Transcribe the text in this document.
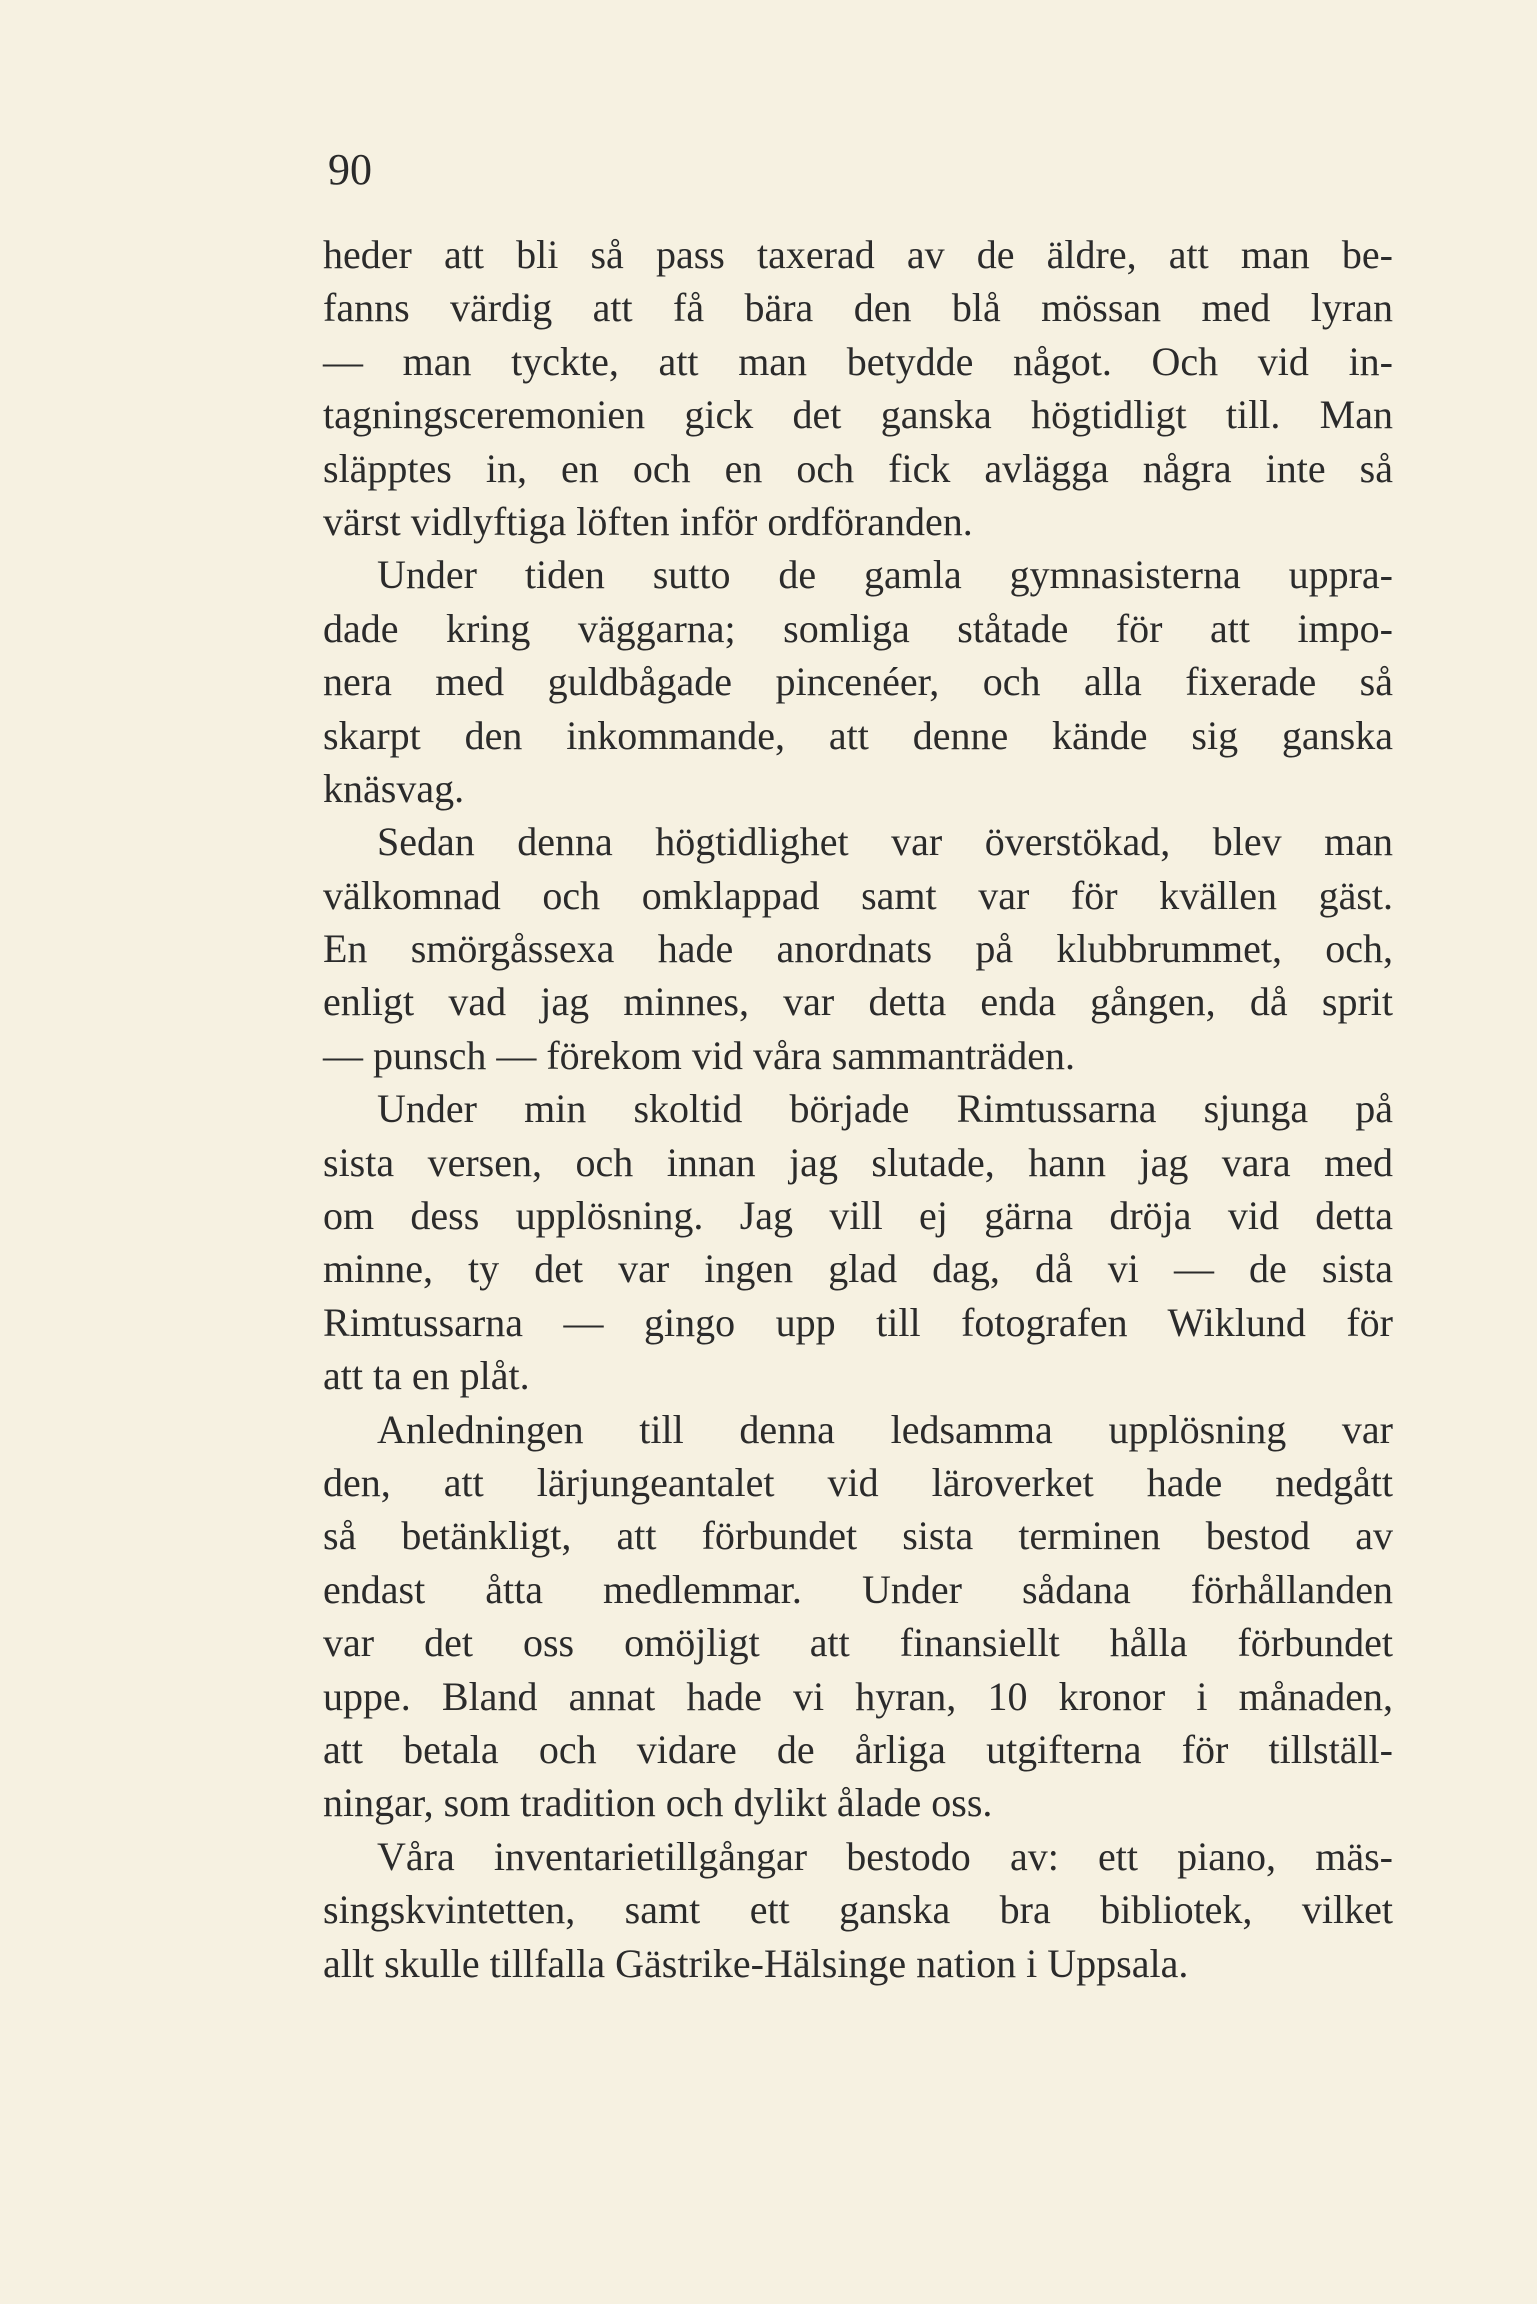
90
heder att bli så pass taxerad av de äldre, att man be-
fanns värdig att få bära den blå mössan med lyran
— man tyckte, att man betydde något. Och vid in-
tagningsceremonien gick det ganska högtidligt till. Man
släpptes in, en och en och fick avlägga några inte så
värst vidlyftiga löften inför ordföranden.
Under tiden sutto de gamla gymnasisterna uppra-
dade kring väggarna; somliga ståtade för att impo-
nera med guldbågade pincenéer, och alla fixerade så
skarpt den inkommande, att denne kände sig ganska
knäsvag.
Sedan denna högtidlighet var överstökad, blev man
välkomnad och omklappad samt var för kvällen gäst.
En smörgåssexa hade anordnats på klubbrummet, och,
enligt vad jag minnes, var detta enda gången, då sprit
— punsch — förekom vid våra sammanträden.
Under min skoltid började Rimtussarna sjunga på
sista versen, och innan jag slutade, hann jag vara med
om dess upplösning. Jag vill ej gärna dröja vid detta
minne, ty det var ingen glad dag, då vi — de sista
Rimtussarna — gingo upp till fotografen Wiklund för
att ta en plåt.
Anledningen till denna ledsamma upplösning var
den, att lärjungeantalet vid läroverket hade nedgått
så betänkligt, att förbundet sista terminen bestod av
endast åtta medlemmar. Under sådana förhållanden
var det oss omöjligt att finansiellt hålla förbundet
uppe. Bland annat hade vi hyran, 10 kronor i månaden,
att betala och vidare de årliga utgifterna för tillställ-
ningar, som tradition och dylikt ålade oss.
Våra inventarietillgångar bestodo av: ett piano, mäs-
singskvintetten, samt ett ganska bra bibliotek, vilket
allt skulle tillfalla Gästrike-Hälsinge nation i Uppsala.
